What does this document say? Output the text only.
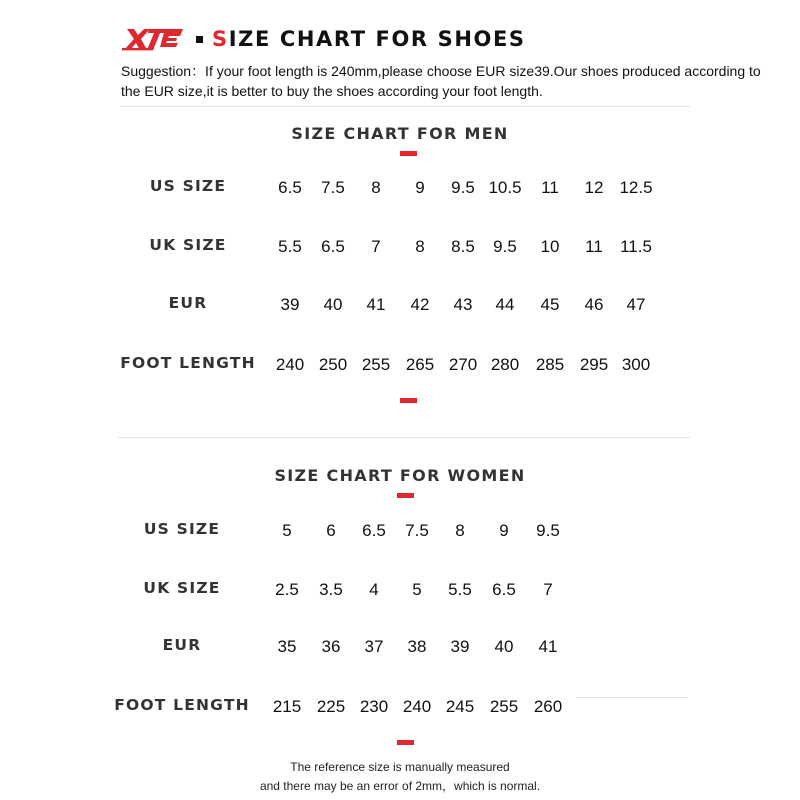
SIZE CHART FOR SHOES

Suggestion：If your foot length is 240mm,please choose EUR size39.Our shoes produced according to the EUR size,it is better to buy the shoes according your foot length.

SIZE CHART FOR MEN
US SIZE	6.5	7.5	8	9	9.5 10.5	11	12 12.5
UK SIZE	5.5	6.5	7	8	8.5	9.5	10	11	11.5
EUR	39	40	41	42	43	44	45	46	47
FOOT LENGTH	240 250 255 265 270 280 285 295 300
SIZE CHART FOR WOMEN
US SIZE	5	6	6.5	7.5	8	9	9.5
UK SIZE	2.5	3.5	4	5	5.5	6.5	7
EUR	35	36	37	38	39	40	41
FOOT LENGTH	215 225 230 240 245 255 260

The reference size is manually measured

and there may be an error of 2mm，which is normal.
